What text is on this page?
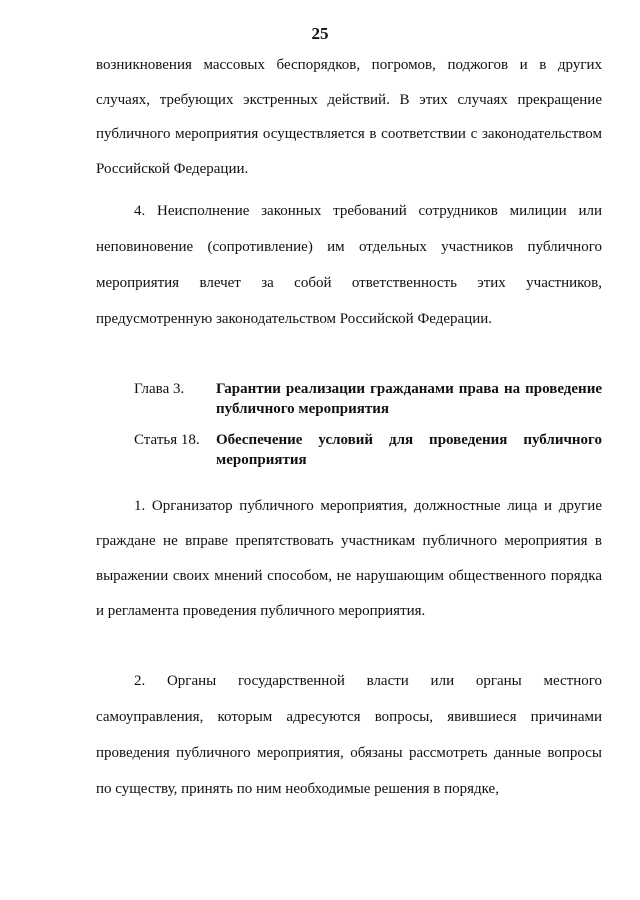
25

возникновения массовых беспорядков, погромов, поджогов и в других случаях, требующих экстренных действий. В этих случаях прекращение публичного мероприятия осуществляется в соответствии с законодательством Российской Федерации.

4. Неисполнение законных требований сотрудников милиции или неповиновение (сопротивление) им отдельных участников публичного мероприятия влечет за собой ответственность этих участников, предусмотренную законодательством Российской Федерации.

Глава 3.	Гарантии реализации гражданами права на проведение публичного мероприятия
Статья 18.	Обеспечение условий для проведения публичного мероприятия

1. Организатор публичного мероприятия, должностные лица и другие граждане не вправе препятствовать участникам публичного мероприятия в выражении своих мнений способом, не нарушающим общественного порядка и регламента проведения публичного мероприятия.

2. Органы государственной власти или органы местного самоуправления, которым адресуются вопросы, явившиеся причинами проведения публичного мероприятия, обязаны рассмотреть данные вопросы по существу, принять по ним необходимые решения в порядке,
